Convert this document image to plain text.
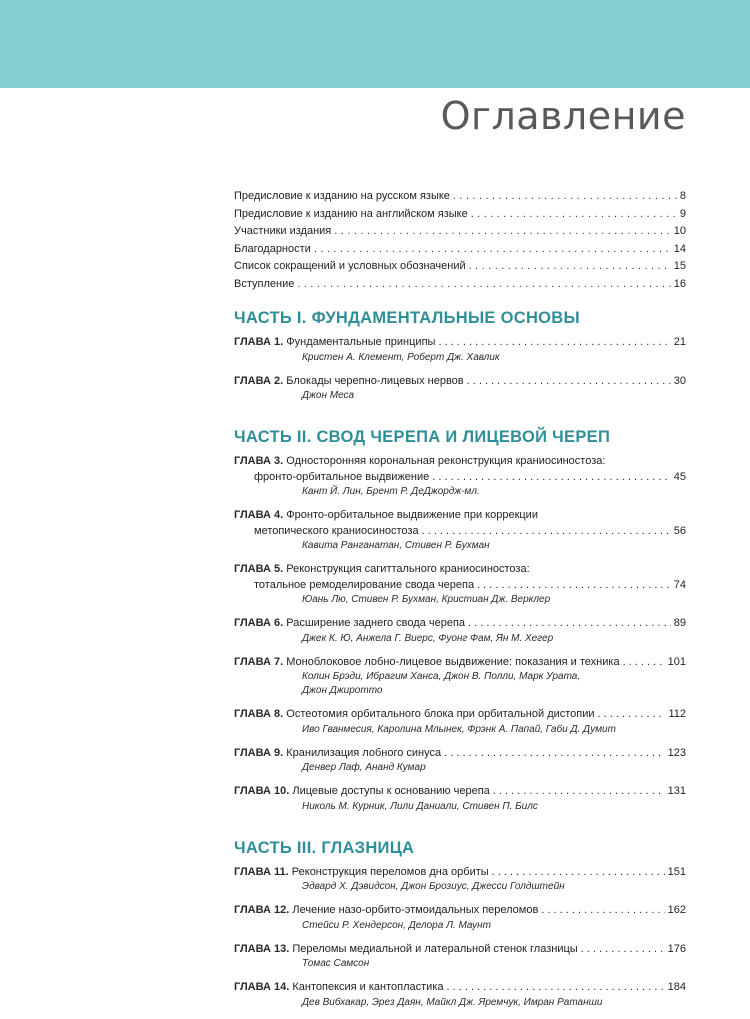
Оглавление
Предисловие к изданию на русском языке . . .	8
Предисловие к изданию на английском языке . . .	9
Участники издания . . .	10
Благодарности . . .	14
Список сокращений и условных обозначений . . .	15
Вступление . . .	16
ЧАСТЬ I. ФУНДАМЕНТАЛЬНЫЕ ОСНОВЫ
ГЛАВА 1.
Фундаментальные принципы . . .	21
Кристен А. Клемент, Роберт Дж. Хавлик
ГЛАВА 2.
Блокады черепно-лицевых нервов . . .	30
Джон Меса
ЧАСТЬ II. СВОД ЧЕРЕПА И ЛИЦЕВОЙ ЧЕРЕП
ГЛАВА 3.
Односторонняя корональная реконструкция краниосиностоза:
фронто-орбитальное выдвижение . . .	45
Кант Й. Лин, Брент Р. ДеДжордж-мл.
ГЛАВА 4.
Фронто-орбитальное выдвижение при коррекции
метопического краниосиностоза . . .	56
Кавита Ранганатан, Стивен Р. Бухман
ГЛАВА 5.
Реконструкция сагиттального краниосиностоза:
тотальное ремоделирование свода черепа . . .	74
Юань Лю, Стивен Р. Бухман, Кристиан Дж. Верклер
ГЛАВА 6.
Расширение заднего свода черепа . . .	89
Джек К. Ю, Анжела Г. Виерс, Фуонг Фам, Ян М. Хегер
ГЛАВА 7.
Моноблоковое лобно-лицевое выдвижение: показания и техника . . .	101
Колин Брэди, Ибрагим Ханса, Джон В. Полли, Марк Урата,
Джон Джиротто
ГЛАВА 8.
Остеотомия орбитального блока при орбитальной дистопии . . .	112
Иво Гванмесия, Каролина Млынек, Фрэнк А. Папай, Габи Д. Думит
ГЛАВА 9.
Кранилизация лобного синуса . . .	123
Денвер Лаф, Ананд Кумар
ГЛАВА 10.
Лицевые доступы к основанию черепа . . .	131
Николь М. Курник, Лили Даниали, Стивен П. Билс
ЧАСТЬ III. ГЛАЗНИЦА
ГЛАВА 11.
Реконструкция переломов дна орбиты . . .	151
Эдвард Х. Дэвидсон, Джон Брозиус, Джесси Голдштейн
ГЛАВА 12.
Лечение назо-орбито-этмоидальных переломов . . .	162
Стейси Р. Хендерсон, Делора Л. Маунт
ГЛАВА 13.
Переломы медиальной и латеральной стенок глазницы . . .	176
Томас Самсон
ГЛАВА 14.
Кантопексия и кантопластика . . .	184
Дев Вибхакар, Эрез Даян, Майкл Дж. Яремчук, Имран Ратанши
